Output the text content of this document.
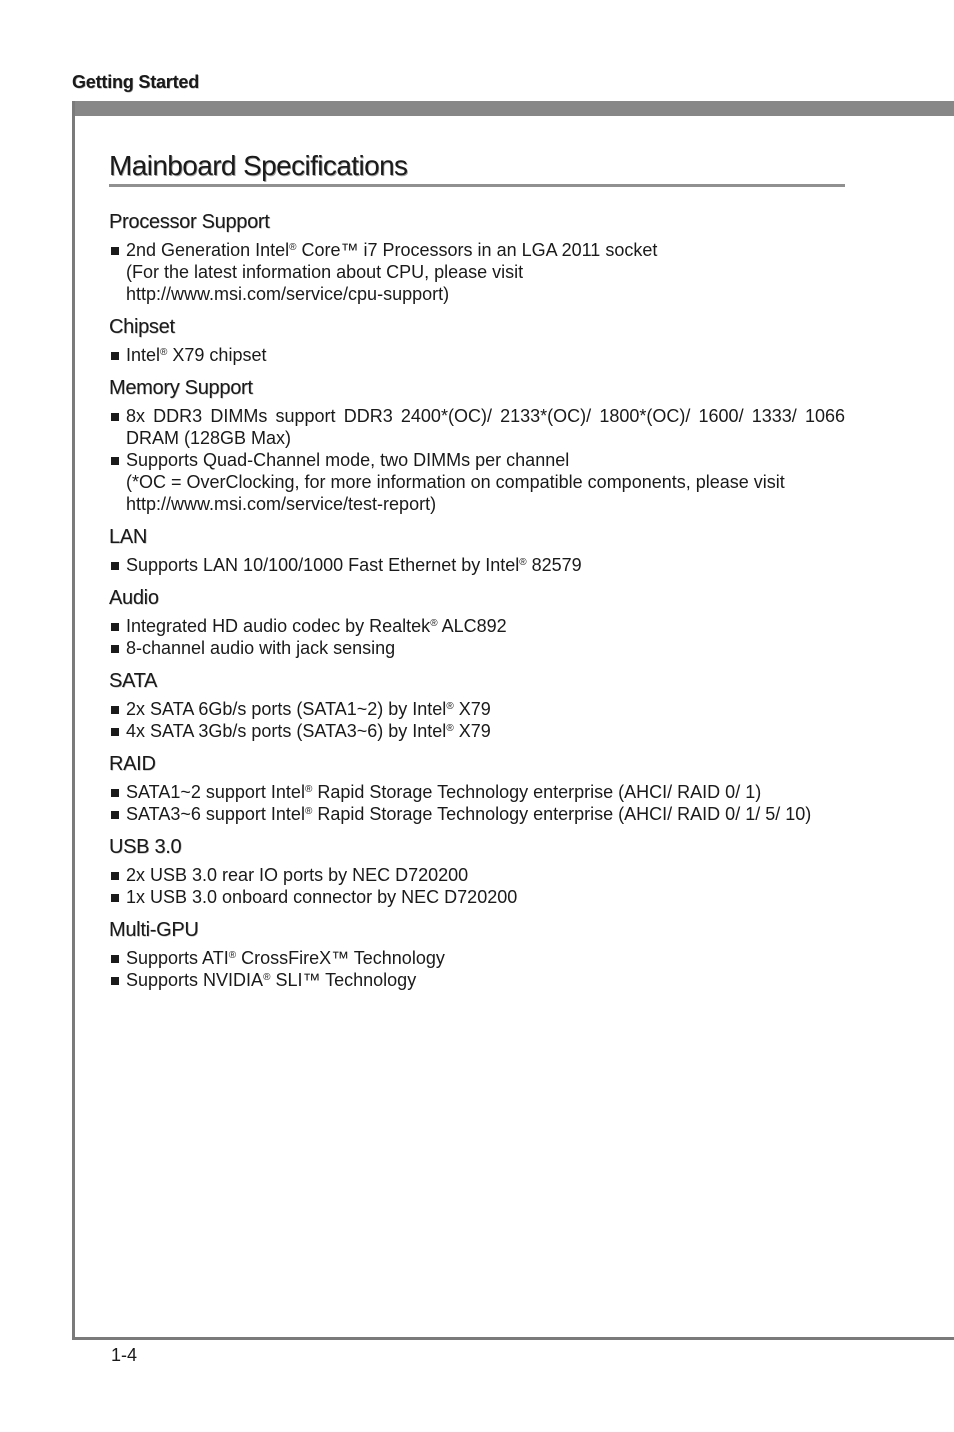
Getting Started
Mainboard Specifications
Processor Support
2nd Generation Intel® Core™ i7 Processors in an LGA 2011 socket
(For the latest information about CPU, please visit
http://www.msi.com/service/cpu-support)
Chipset
Intel® X79 chipset
Memory Support
8x DDR3 DIMMs support DDR3 2400*(OC)/ 2133*(OC)/ 1800*(OC)/ 1600/ 1333/ 1066 DRAM (128GB Max)
Supports Quad-Channel mode, two DIMMs per channel
(*OC = OverClocking, for more information on compatible components, please visit
http://www.msi.com/service/test-report)
LAN
Supports LAN 10/100/1000 Fast Ethernet by Intel® 82579
Audio
Integrated HD audio codec by Realtek® ALC892
8-channel audio with jack sensing
SATA
2x SATA 6Gb/s ports (SATA1~2) by Intel® X79
4x SATA 3Gb/s ports (SATA3~6) by Intel® X79
RAID
SATA1~2 support Intel® Rapid Storage Technology enterprise (AHCI/ RAID 0/ 1)
SATA3~6 support Intel® Rapid Storage Technology enterprise (AHCI/ RAID 0/ 1/ 5/ 10)
USB 3.0
2x USB 3.0 rear IO ports by NEC D720200
1x USB 3.0 onboard connector by NEC D720200
Multi-GPU
Supports ATI® CrossFireX™ Technology
Supports NVIDIA® SLI™ Technology
1-4
